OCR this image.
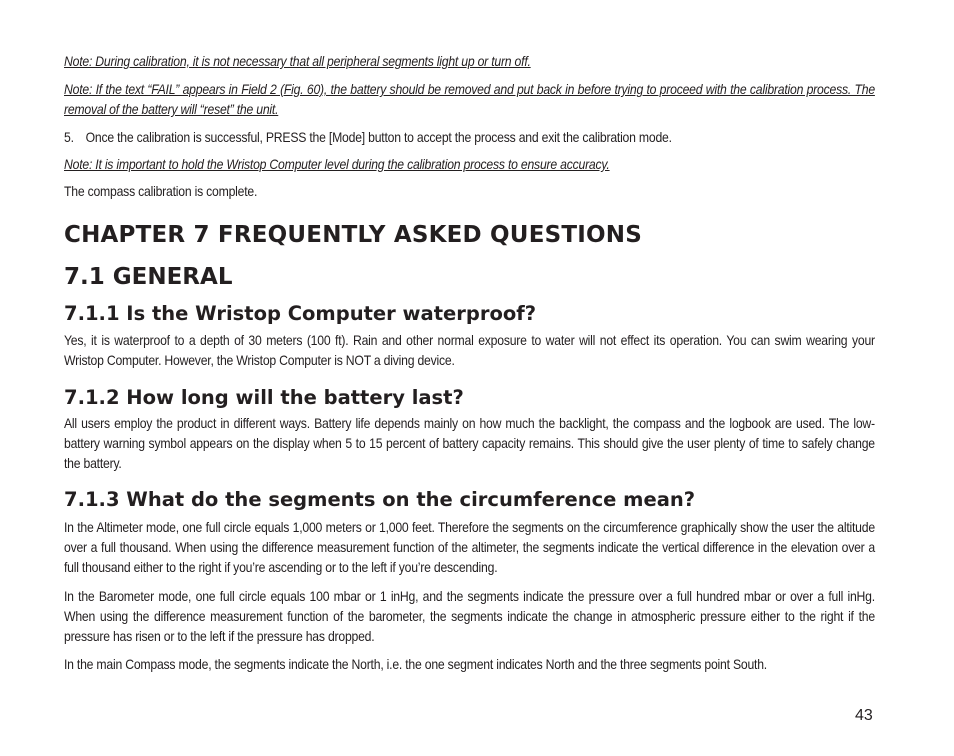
Note: During calibration, it is not necessary that all peripheral segments light up or turn off.

Note: If the text “FAIL” appears in Field 2 (Fig. 60), the battery should be removed and put back in before trying to proceed with the calibration process. The removal of the battery will “reset” the unit.

5. Once the calibration is successful, PRESS the [Mode] button to accept the process and exit the calibration mode.

Note: It is important to hold the Wristop Computer level during the calibration process to ensure accuracy.

The compass calibration is complete.

CHAPTER 7 FREQUENTLY ASKED QUESTIONS
7.1 GENERAL
7.1.1 Is the Wristop Computer waterproof?

Yes, it is waterproof to a depth of 30 meters (100 ft). Rain and other normal exposure to water will not effect its operation. You can swim wearing your Wristop Computer. However, the Wristop Computer is NOT a diving device.

7.1.2 How long will the battery last?

All users employ the product in different ways. Battery life depends mainly on how much the backlight, the compass and the logbook are used. The low-battery warning symbol appears on the display when 5 to 15 percent of battery capacity remains. This should give the user plenty of time to safely change the battery.

7.1.3 What do the segments on the circumference mean?

In the Altimeter mode, one full circle equals 1,000 meters or 1,000 feet. Therefore the segments on the circumference graphically show the user the altitude over a full thousand. When using the difference measurement function of the altimeter, the segments indicate the vertical difference in the elevation over a full thousand either to the right if you’re ascending or to the left if you’re descending.

In the Barometer mode, one full circle equals 100 mbar or 1 inHg, and the segments indicate the pressure over a full hundred mbar or over a full inHg. When using the difference measurement function of the barometer, the segments indicate the change in atmospheric pressure either to the right if the pressure has risen or to the left if the pressure has dropped.

In the main Compass mode, the segments indicate the North, i.e. the one segment indicates North and the three segments point South.

43
